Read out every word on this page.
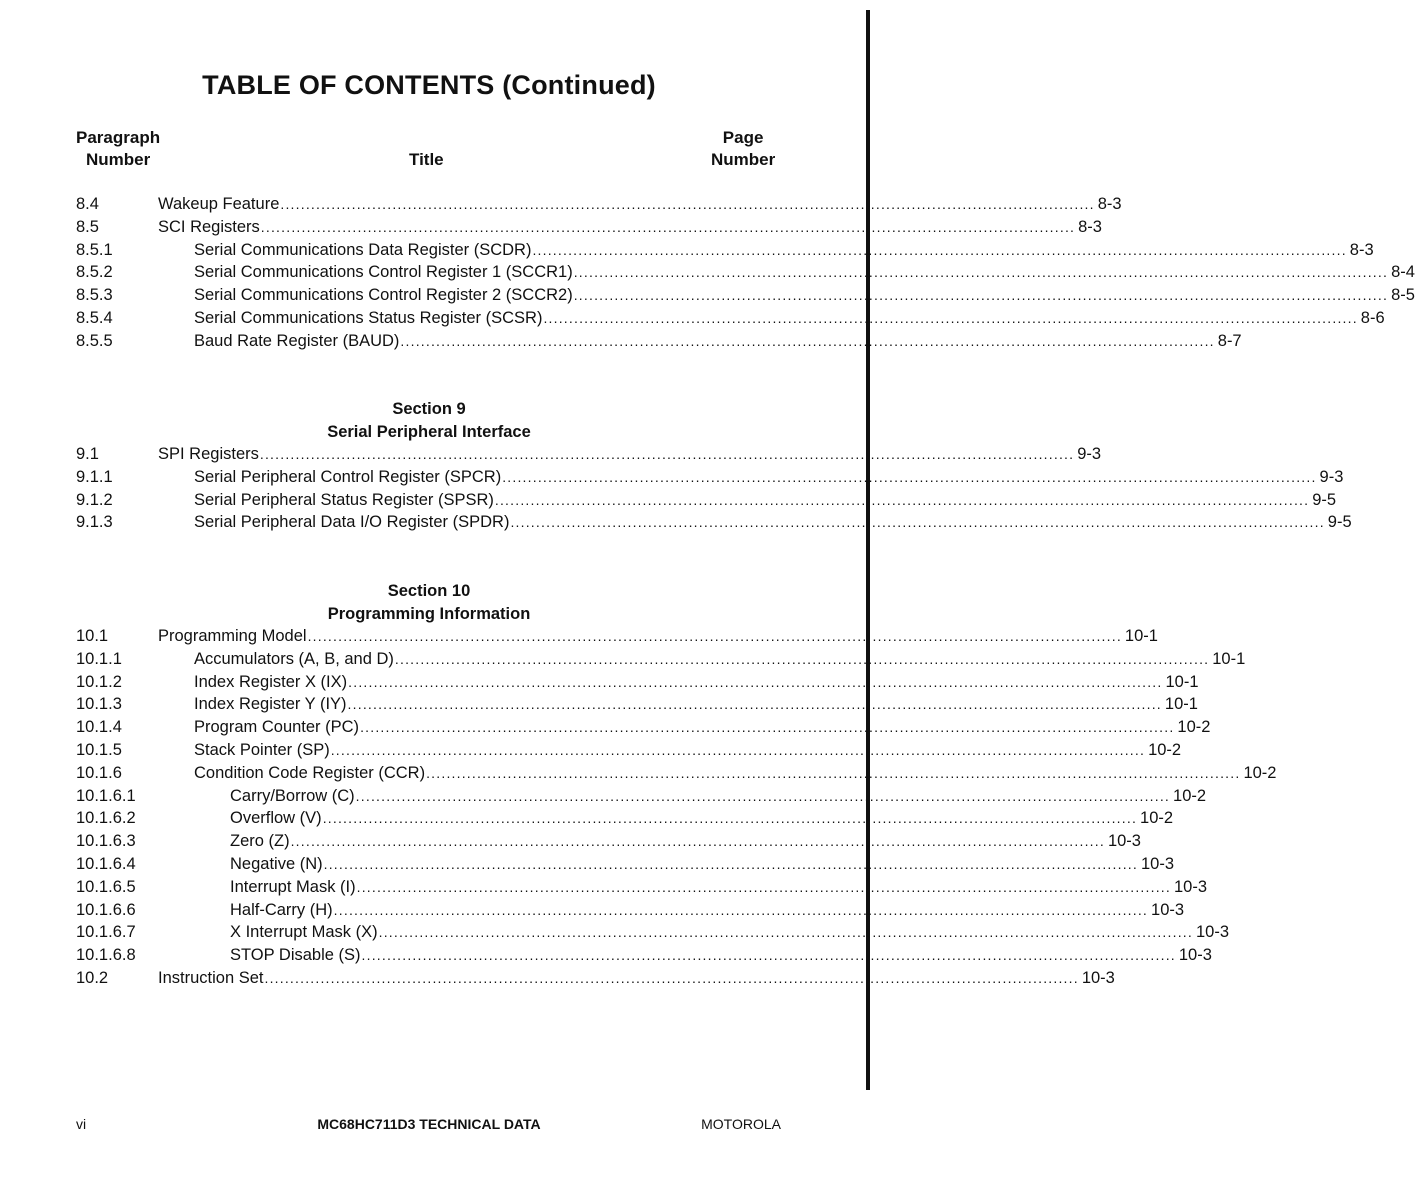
TABLE OF CONTENTS (Continued)
Paragraph
Number	Title
Page
Number
8.4	Wakeup Feature ................................................................................................................................................................ 8-3
8.5	SCI Registers ................................................................................................................................................................ 8-3
8.5.1	Serial Communications Data Register (SCDR) ................................................................................................................................................................ 8-3
8.5.2	Serial Communications Control Register 1 (SCCR1) ................................................................................................................................................................ 8-4
8.5.3	Serial Communications Control Register 2 (SCCR2) ................................................................................................................................................................ 8-5
8.5.4	Serial Communications Status Register (SCSR) ................................................................................................................................................................ 8-6
8.5.5	Baud Rate Register (BAUD) ................................................................................................................................................................ 8-7
Section 9
Serial Peripheral Interface
9.1	SPI Registers ................................................................................................................................................................ 9-3
9.1.1	Serial Peripheral Control Register (SPCR) ................................................................................................................................................................ 9-3
9.1.2	Serial Peripheral Status Register (SPSR) ................................................................................................................................................................ 9-5
9.1.3	Serial Peripheral Data I/O Register (SPDR) ................................................................................................................................................................ 9-5
Section 10
Programming Information
10.1	Programming Model ................................................................................................................................................................ 10-1
10.1.1	Accumulators (A, B, and D) ................................................................................................................................................................ 10-1
10.1.2	Index Register X (IX) ................................................................................................................................................................ 10-1
10.1.3	Index Register Y (IY) ................................................................................................................................................................ 10-1
10.1.4	Program Counter (PC) ................................................................................................................................................................ 10-2
10.1.5	Stack Pointer (SP) ................................................................................................................................................................ 10-2
10.1.6	Condition Code Register (CCR) ................................................................................................................................................................ 10-2
10.1.6.1	Carry/Borrow (C) ................................................................................................................................................................ 10-2
10.1.6.2	Overflow (V) ................................................................................................................................................................ 10-2
10.1.6.3	Zero (Z) ................................................................................................................................................................ 10-3
10.1.6.4	Negative (N) ................................................................................................................................................................ 10-3
10.1.6.5	Interrupt Mask (I) ................................................................................................................................................................ 10-3
10.1.6.6	Half-Carry (H) ................................................................................................................................................................ 10-3
10.1.6.7	X Interrupt Mask (X) ................................................................................................................................................................ 10-3
10.1.6.8	STOP Disable (S) ................................................................................................................................................................ 10-3
10.2	Instruction Set ................................................................................................................................................................ 10-3
vi	MC68HC711D3 TECHNICAL DATA	MOTOROLA
